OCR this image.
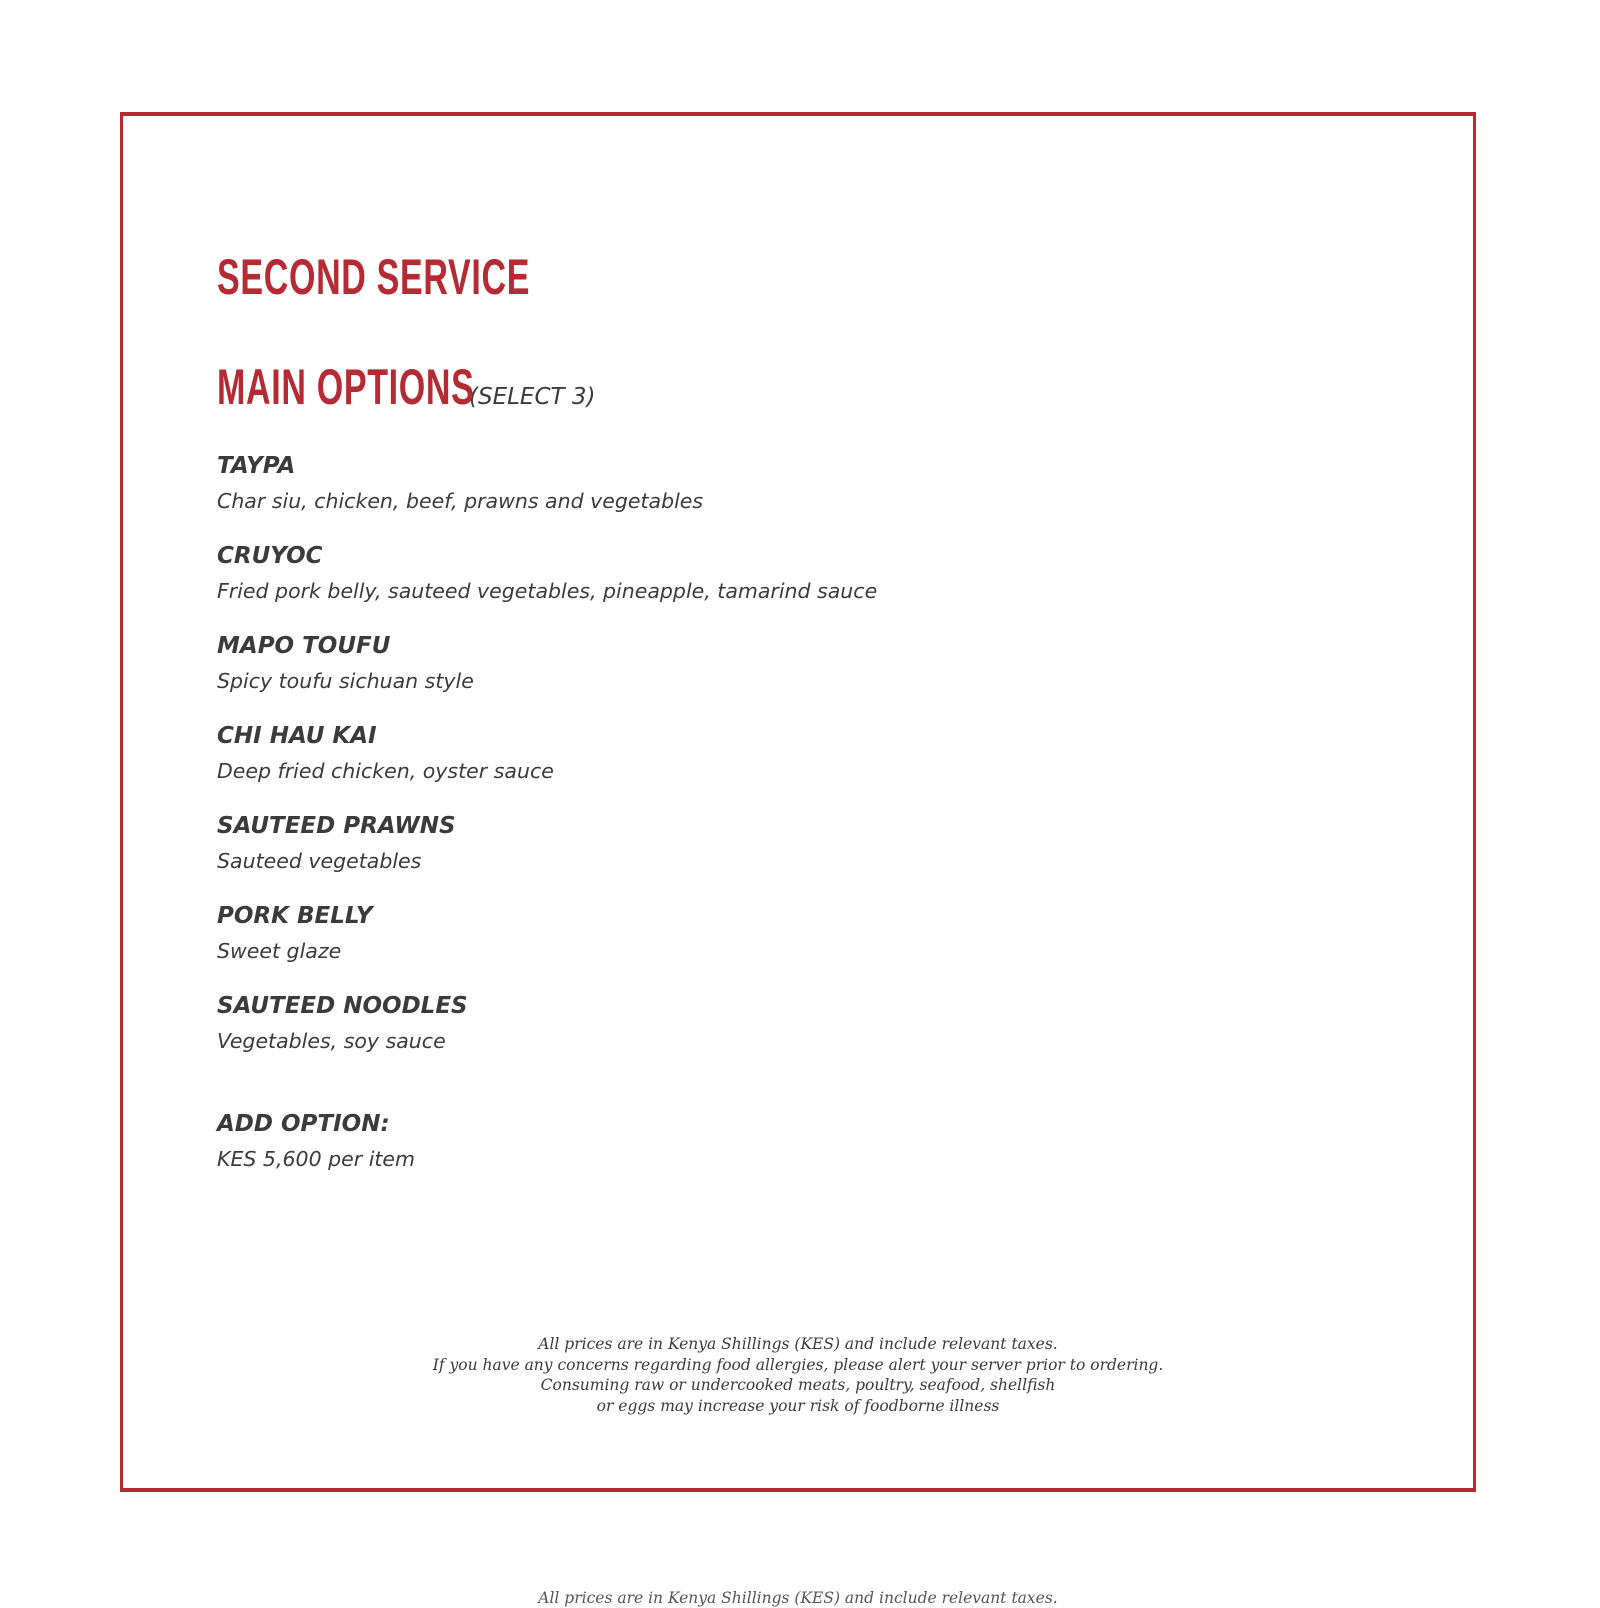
SECOND SERVICE
MAIN OPTIONS
(SELECT 3)
TAYPA
Char siu, chicken, beef, prawns and vegetables
CRUYOC
Fried pork belly, sauteed vegetables, pineapple, tamarind sauce
MAPO TOUFU
Spicy toufu sichuan style
CHI HAU KAI
Deep fried chicken, oyster sauce
SAUTEED PRAWNS
Sauteed vegetables
PORK BELLY
Sweet glaze
SAUTEED NOODLES
Vegetables, soy sauce
ADD OPTION:
KES 5,600 per item
All prices are in Kenya Shillings (KES) and include relevant taxes.
If you have any concerns regarding food allergies, please alert your server prior to ordering.
Consuming raw or undercooked meats, poultry, seafood, shellfish
or eggs may increase your risk of foodborne illness
All prices are in Kenya Shillings (KES) and include relevant taxes.
